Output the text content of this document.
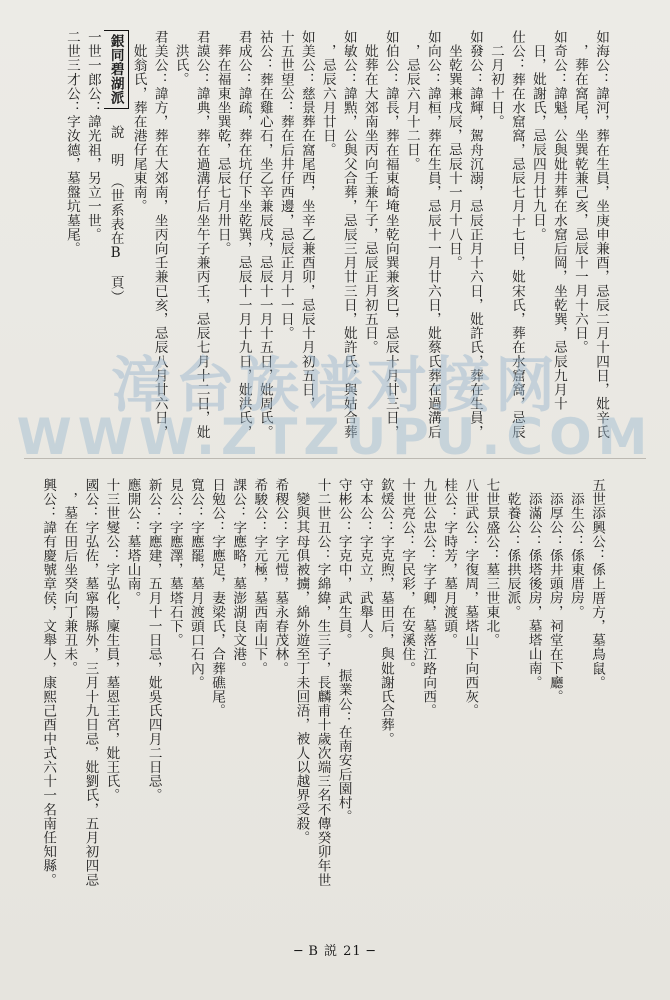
如海公：諱河，葬在生員，坐庚申兼酉，忌辰二月十四日，妣辛氏
，葬在窩尾，坐巽乾兼己亥，忌辰十一月十六日。
如奇公：諱魁，公與妣井葬在水窟后岡，坐乾巽，忌辰九月十
日，妣謝氏，忌辰四月廿九日。
仕公：葬在水窟窩，忌辰七月十七日，妣宋氏，葬在水窟窩，忌辰
二月初十日。
如發公：諱輝，駕舟沉溺，忌辰正月十六日，妣許氏，葬在生員，
坐乾巽兼戌辰，忌辰十一月十八日。
如向公：諱桓，葬在生員，忌辰十一月廿六日，妣蔡氏葬在過溝后
，忌辰六月十二日。
如伯公：諱長，葬在福東崎埯坐乾向巽兼亥巳，忌辰十月廿三日，
妣葬在大郊南坐丙向壬兼午子，忌辰正月初五日。
如敏公：諱㸃，公與父合葬，忌辰三月廿三日，妣許氏，與姑合葬
，忌辰六月廿日。
如美公：慈景葬在窩尾西，坐辛乙兼酉卯，忌辰十月初五日，
十五世望公：葬在后井仔西邊，忌辰正月十一日。
祜公：葬在雞心石，坐乙辛兼辰戌，忌辰十一月十五日，妣周氏。
君成公：諱疏，葬在坑仔下坐乾巽，忌辰十一月十九日，妣洪氏，
葬在福東坐巽乾，忌辰七月卅日。
君謨公：諱典，葬在過溝仔后坐午子兼丙壬，忌辰七月十二日，妣
洪氏。
君美公：諱方，葬在大郊南，坐丙向壬兼已亥，忌辰八月廿六日，
妣翁氏，葬在港仔尾東南。
銀同碧湖派 說　明　（世系表在B　頁）
一世一郎公：諱光祖，另立一世。
二世三才公：字汝德，墓盤坑墓尾。
五世添興公：係上厝方，墓鳥鼠。
添生公：係東厝房。
添厚公：係井頭房，祠堂在下廳。
添滿公：係塔後房，墓塔山南。
乾養公：係拱辰派。
七世景盛公：墓三世東北。
八世武公：字復周，墓塔山下向西灰。
桂公：字時芳，墓月渡頭。
九世公忠公：字子卿，墓落江路向西。
十世亮公：字民彩，在安溪住。
欽煖公：字克煦，墓田后，與妣謝氏合葬。
守本公：字克立，武舉人。
守彬公：字克中，武生員。　　振業公：在南安后園村。
十二世丑公：字綿緯，生三子，長麟甫十歲次端三名不傳癸卯年世
變與其母俱被擄，綿外遊至丁未回浯，被人以越界受殺。
希稷公：字元愷，墓永春茂林。
希駿公：字元極，墓西南山下。
課公：字應略，墓澎湖良文港。
日勉公：字應足，妻梁氏，合葬礁尾。
寬公：字應罷，墓月渡頭口石內。
見公：字應澤，墓塔石下。
新公：字應建，五月十一日忌，妣吳氏四月二日忌。
應開公：墓塔山南。
十三世燮公：字弘化，廩生員，墓恩王宮，妣王氏。
國公：字弘佐，墓寧陽縣外，三月十九日忌，妣劉氏，五月初四忌
，墓在田后坐癸向丁兼丑未。
興公：諱有慶號章侯，文舉人，康熙己酉中式六十一名南任知縣。
漳台族谱对接网
WWW.ZTZUPU.COM
─ B 説 21 ─
